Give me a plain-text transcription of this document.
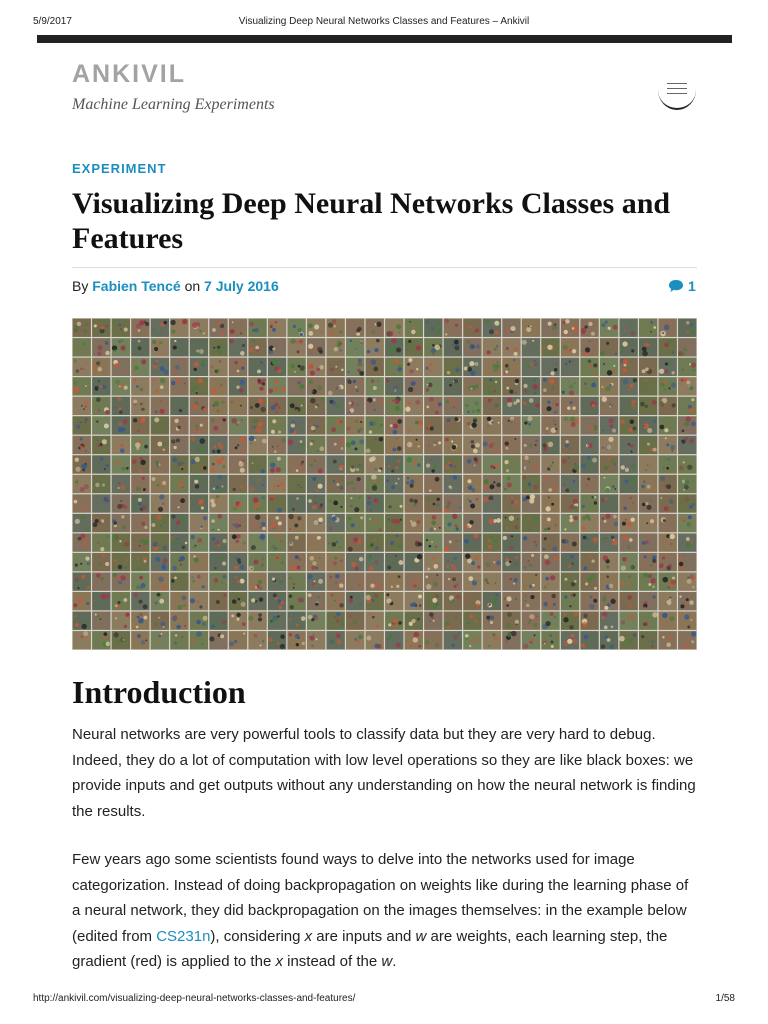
5/9/2017	Visualizing Deep Neural Networks Classes and Features – Ankivil
ANKIVIL
Machine Learning Experiments
EXPERIMENT
Visualizing Deep Neural Networks Classes and Features
By Fabien Tencé on 7 July 2016	1
Introduction

Neural networks are very powerful tools to classify data but they are very hard to debug. Indeed, they do a lot of computation with low level operations so they are like black boxes: we provide inputs and get outputs without any understanding on how the neural network is finding the results.

Few years ago some scientists found ways to delve into the networks used for image categorization. Instead of doing backpropagation on weights like during the learning phase of a neural network, they did backpropagation on the images themselves: in the example below (edited from CS231n), considering x are inputs and w are weights, each learning step, the gradient (red) is applied to the x instead of the w.

http://ankivil.com/visualizing-deep-neural-networks-classes-and-features/	1/58
